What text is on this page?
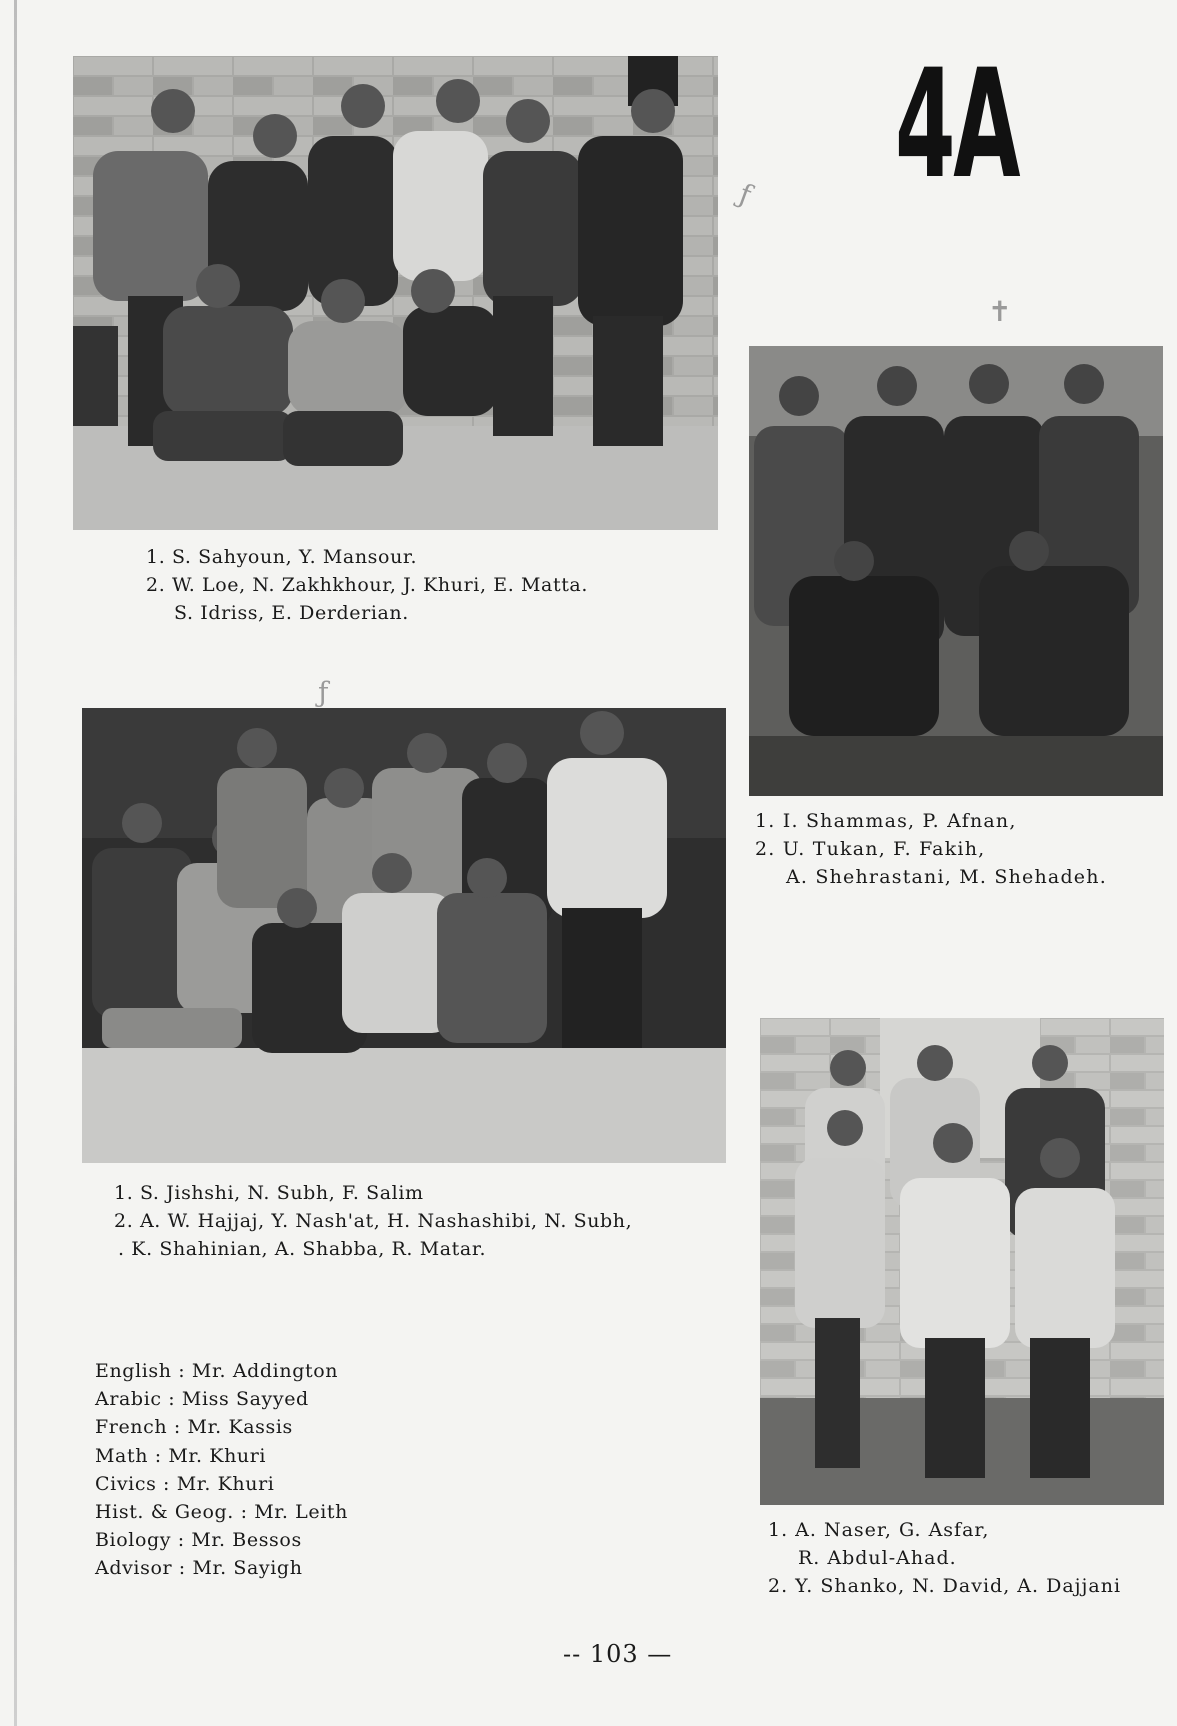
1. S. Sahyoun, Y. Mansour.
2. W. Loe, N. Zakhkhour, J. Khuri, E. Matta.
S. Idriss, E. Derderian.
4A
1. I. Shammas, P. Afnan,
2. U. Tukan, F. Fakih,
A. Shehrastani, M. Shehadeh.
1. S. Jishshi, N. Subh, F. Salim
2. A. W. Hajjaj, Y. Nash'at, H. Nashashibi, N. Subh,
. K. Shahinian, A. Shabba, R. Matar.
1. A. Naser, G. Asfar,
R. Abdul-Ahad.
2. Y. Shanko, N. David, A. Dajjani
English : Mr. Addington
Arabic : Miss Sayyed
French : Mr. Kassis
Math : Mr. Khuri
Civics : Mr. Khuri
Hist. & Geog. : Mr. Leith
Biology : Mr. Bessos
Advisor : Mr. Sayigh
-- 103 —
ƒ
✝
ƒ
